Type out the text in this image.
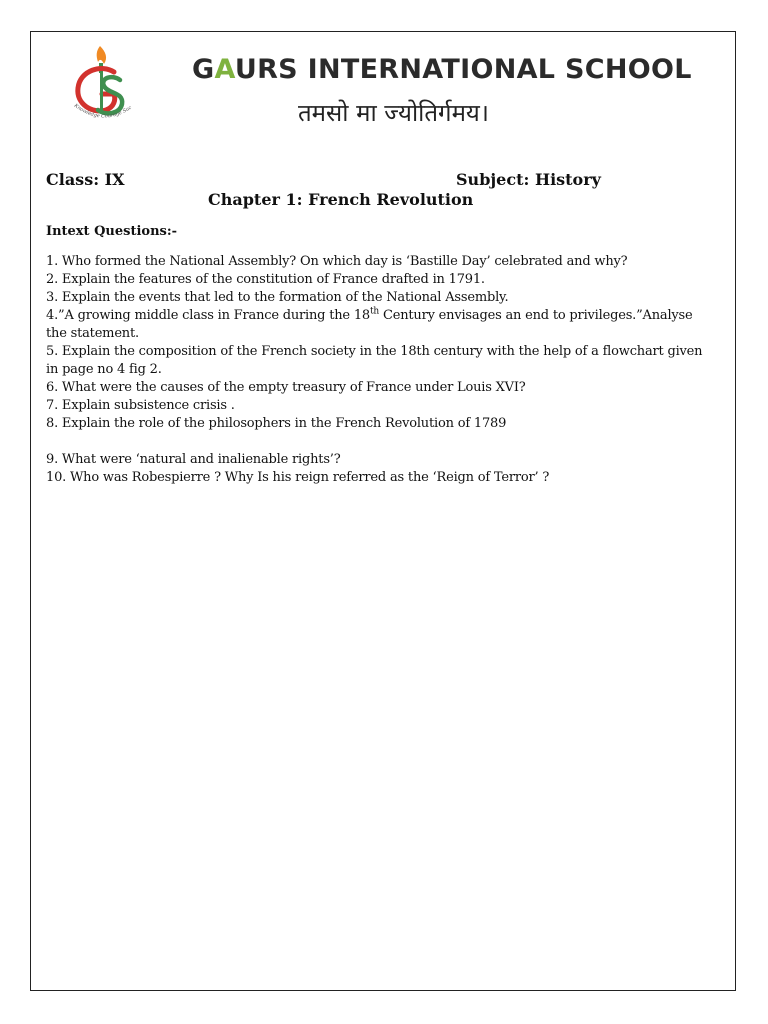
Knowledge Courage Suc
GAURS INTERNATIONAL SCHOOL
तमसो मा ज्योतिर्गमय।
Class: IX	Subject: History
Chapter 1: French Revolution
Intext Questions:-

1. Who formed the National Assembly? On which day is ‘Bastille Day’ celebrated and why?

2. Explain the features of the constitution of France drafted in 1791.

3. Explain the events that led to the formation of the National Assembly.

4.”A growing middle class in France during the 18th Century envisages an end to privileges.”Analyse the statement.

5. Explain the composition of the French society in the 18th century with the help of a flowchart given in page no 4 fig 2.

6. What were the causes of the empty treasury of France under Louis XVI?

7. Explain subsistence crisis .

8. Explain the role of the philosophers in the French Revolution of 1789

9. What were ‘natural and inalienable rights’?

10. Who was Robespierre ? Why Is his reign referred as the ‘Reign of Terror’ ?
